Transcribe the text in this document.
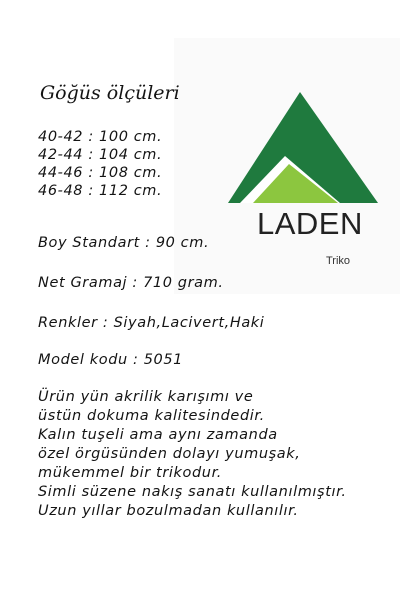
Göğüs ölçüleri
40-42 : 100 cm.
42-44 : 104 cm.
44-46 : 108 cm.
46-48 : 112 cm.
Boy Standart : 90 cm.
Net Gramaj : 710 gram.
Renkler : Siyah,Lacivert,Haki
Model kodu : 5051
Ürün yün akrilik karışımı ve
üstün dokuma kalitesindedir.
Kalın tuşeli ama aynı zamanda
özel örgüsünden dolayı yumuşak,
mükemmel bir trikodur.
Simli süzene nakış sanatı kullanılmıştır.
Uzun yıllar bozulmadan kullanılır.
LADEN
Triko
